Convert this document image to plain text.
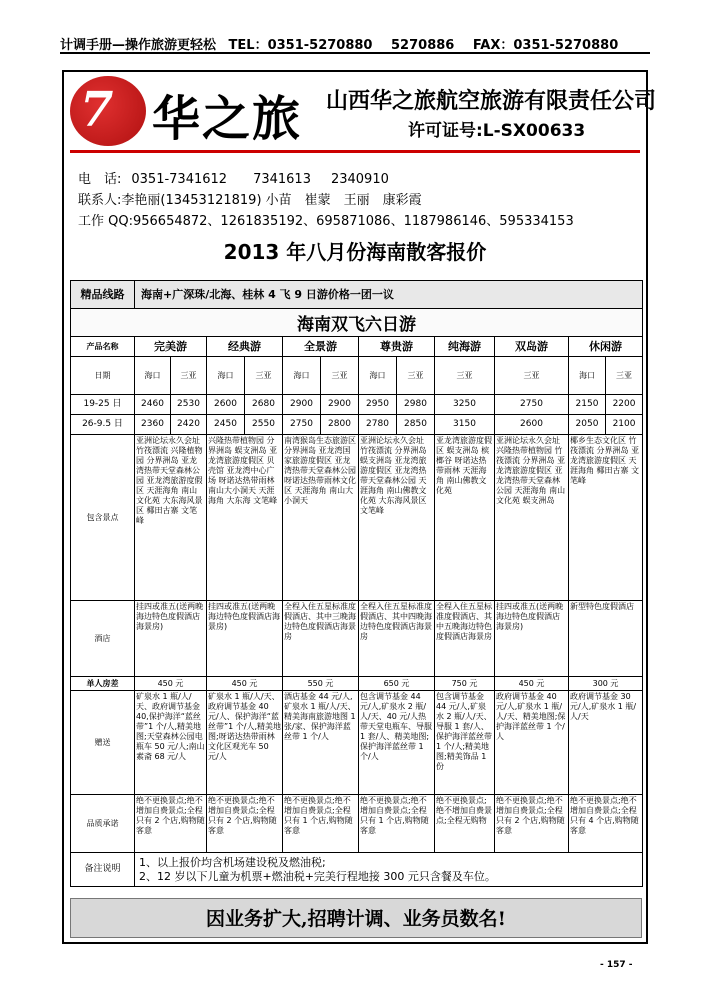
计调手册—操作旅游更轻松 TEL：0351-5270880 5270886 FAX：0351-5270880
7 华之旅 山西华之旅航空旅游有限责任公司
许可证号:L-SX00633
电　话: 0351-7341612 7341613 2340910
联系人:李艳丽(13453121819) 小苗　崔蒙　王丽　康彩霞
工作 QQ:956654872、1261835192、695871086、1187986146、595334153
2013 年八月份海南散客报价
精品线路	海南+广深珠/北海、桂林 4 飞 9 日游价格一团一议											
海南双飞六日游												
产品名称	完美游		经典游		全景游		尊贵游		纯海游	双岛游	休闲游	
日期	海口	三亚	海口	三亚	海口	三亚	海口	三亚	三亚	三亚	海口	三亚
19-25 日	2460	2530	2600	2680	2900	2900	2950	2980	3250	2750	2150	2200
26-9.5 日	2360	2420	2450	2550	2750	2800	2780	2850	3150	2600	2050	2100
包含景点	亚洲论坛永久会址 竹筏漂流 兴隆植物园 分界洲岛 亚龙湾热带天堂森林公园 亚龙湾旅游度假区 天涯海角 南山文化苑 大东海风景区 椰田古寨 文笔峰		兴隆热带植物园 分界洲岛 蜈支洲岛 亚龙湾旅游度假区 贝壳馆 亚龙湾中心广场 呀诺达热带雨林 南山大小洞天 天涯海角 大东海 文笔峰		南湾猴岛生态旅游区 分界洲岛 亚龙湾国家旅游度假区 亚龙湾热带天堂森林公园 呀诺达热带雨林文化区 天涯海角 南山大小洞天		亚洲论坛永久会址 竹筏漂流 分界洲岛 蜈支洲岛 亚龙湾旅游度假区 亚龙湾热带天堂森林公园 天涯海角 南山佛教文化苑 大东海风景区 文笔峰		亚龙湾旅游度假区 蜈支洲岛 槟榔谷 呀诺达热带雨林 天涯海角 南山佛教文化苑	亚洲论坛永久会址 兴隆热带植物园 竹筏漂流 分界洲岛 亚龙湾旅游度假区 亚龙湾热带天堂森林公园 天涯海角 南山文化苑 蜈支洲岛	椰乡生态文化区 竹筏漂流 分界洲岛 亚龙湾旅游度假区 天涯海角 椰田古寨 文笔峰	
酒店	挂四或准五(送两晚海边特色度假酒店海景房)		挂四或准五(送两晚海边特色度假酒店海景房)		全程入住五星标准度假酒店、其中三晚海边特色度假酒店海景房		全程入住五星标准度假酒店、其中四晚海边特色度假酒店海景房		全程入住五星标准度假酒店、其中五晚海边特色度假酒店海景房	挂四或准五(送两晚海边特色度假酒店海景房)	新型特色度假酒店	
单人房差	450 元		450 元		550 元		650 元		750 元	450 元	300 元	
赠送	矿泉水 1 瓶/人/天、政府调节基金 40,保护海洋“蓝丝带”1 个/人,精美地图;天堂森林公园电瓶车 50 元/人;南山素斋 68 元/人		矿泉水 1 瓶/人/天、政府调节基金 40 元/人、保护海洋“蓝丝带”1 个/人,精美地图;呀诺达热带雨林文化区观光车 50 元/人		酒店基金 44 元/人,矿泉水 1 瓶/人/天、精美海南旅游地图 1 张/家、保护海洋蓝丝带 1 个/人		包含调节基金 44 元/人,矿泉水 2 瓶/人/天、40 元/人热带天堂电瓶车、导服 1 套/人、精美地图;保护海洋蓝丝带 1 个/人		包含调节基金 44 元/人,矿泉水 2 瓶/人/天、导服 1 套/人、保护海洋蓝丝带 1 个/人;精美地图;精美饰品 1 份	政府调节基金 40 元/人,矿泉水 1 瓶/人/天、精美地图;保护海洋蓝丝带 1 个/人	政府调节基金 30 元/人,矿泉水 1 瓶/人/天	
品质承诺	绝不更换景点;绝不增加自费景点;全程只有 2 个店,购物随客意		绝不更换景点;绝不增加自费景点;全程只有 2 个店,购物随客意		绝不更换景点;绝不增加自费景点;全程只有 1 个店,购物随客意		绝不更换景点;绝不增加自费景点;全程只有 1 个店,购物随客意		绝不更换景点;绝不增加自费景点;全程无购物	绝不更换景点;绝不增加自费景点;全程只有 2 个店,购物随客意	绝不更换景点;绝不增加自费景点;全程只有 4 个店,购物随客意	
备注说明	1、以上报价均含机场建设税及燃油税;
2、12 岁以下儿童为机票+燃油税+完美行程地接 300 元只含餐及车位。											
因业务扩大,招聘计调、业务员数名!
- 157 -
